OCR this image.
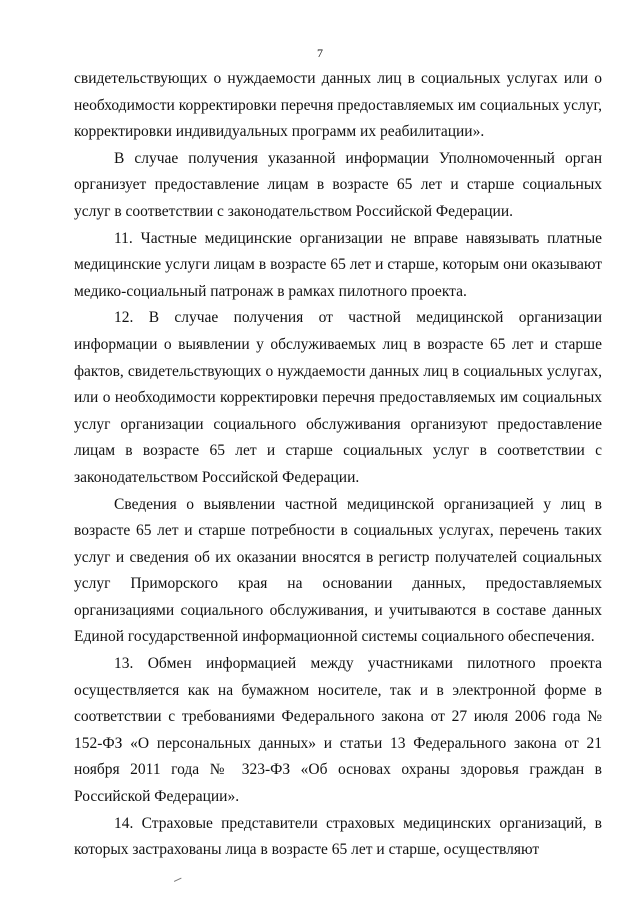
7

свидетельствующих о нуждаемости данных лиц в социальных услугах или о необходимости корректировки перечня предоставляемых им социальных услуг, корректировки индивидуальных программ их реабилитации».

В случае получения указанной информации Уполномоченный орган организует предоставление лицам в возрасте 65 лет и старше социальных услуг в соответствии с законодательством Российской Федерации.

11. Частные медицинские организации не вправе навязывать платные медицинские услуги лицам в возрасте 65 лет и старше, которым они оказывают медико-социальный патронаж в рамках пилотного проекта.

12. В случае получения от частной медицинской организации информации о выявлении у обслуживаемых лиц в возрасте 65 лет и старше фактов, свидетельствующих о нуждаемости данных лиц в социальных услугах, или о необходимости корректировки перечня предоставляемых им социальных услуг организации социального обслуживания организуют предоставление лицам в возрасте 65 лет и старше социальных услуг в соответствии с законодательством Российской Федерации.

Сведения о выявлении частной медицинской организацией у лиц в возрасте 65 лет и старше потребности в социальных услугах, перечень таких услуг и сведения об их оказании вносятся в регистр получателей социальных услуг Приморского края на основании данных, предоставляемых организациями социального обслуживания, и учитываются в составе данных Единой государственной информационной системы социального обеспечения.

13. Обмен информацией между участниками пилотного проекта осуществляется как на бумажном носителе, так и в электронной форме в соответствии с требованиями Федерального закона от 27 июля 2006 года № 152-ФЗ «О персональных данных» и статьи 13 Федерального закона от 21 ноября 2011 года № 323-ФЗ «Об основах охраны здоровья граждан в Российской Федерации».

14. Страховые представители страховых медицинских организаций, в которых застрахованы лица в возрасте 65 лет и старше, осуществляют
